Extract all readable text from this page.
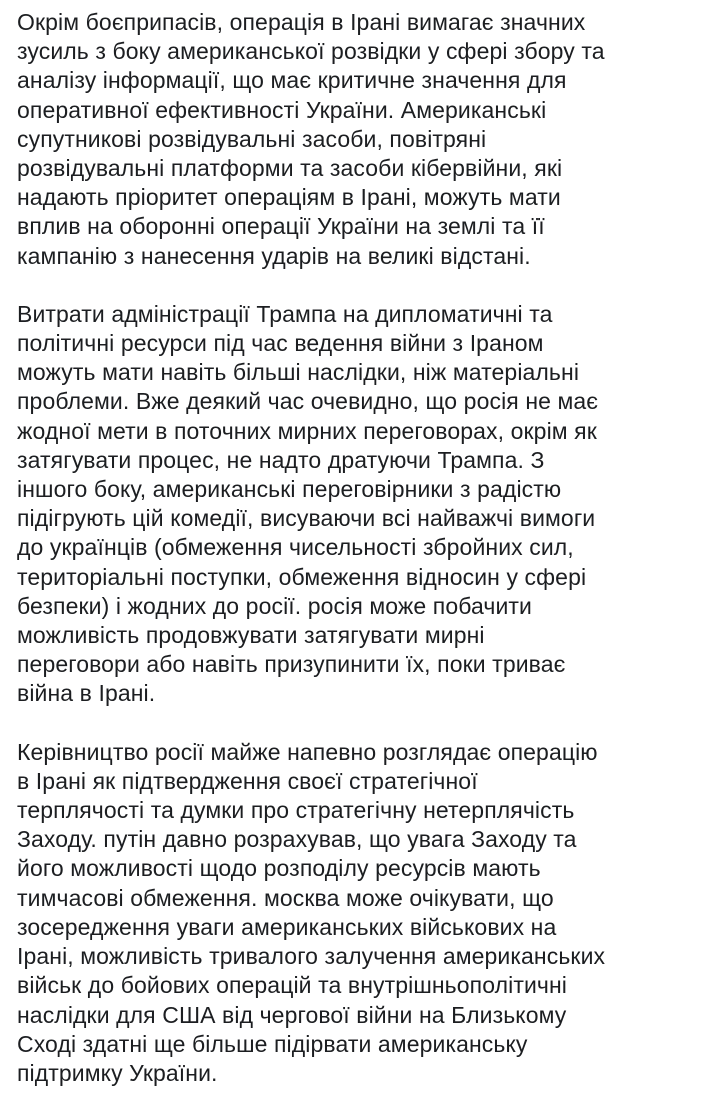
Окрім боєприпасів, операція в Ірані вимагає значних
зусиль з боку американської розвідки у сфері збору та
аналізу інформації, що має критичне значення для
оперативної ефективності України. Американські
супутникові розвідувальні засоби, повітряні
розвідувальні платформи та засоби кібервійни, які
надають пріоритет операціям в Ірані, можуть мати
вплив на оборонні операції України на землі та її
кампанію з нанесення ударів на великі відстані.

Витрати адміністрації Трампа на дипломатичні та
політичні ресурси під час ведення війни з Іраном
можуть мати навіть більші наслідки, ніж матеріальні
проблеми. Вже деякий час очевидно, що росія не має
жодної мети в поточних мирних переговорах, окрім як
затягувати процес, не надто дратуючи Трампа. З
іншого боку, американські переговірники з радістю
підігрують цій комедії, висуваючи всі найважчі вимоги
до українців (обмеження чисельності збройних сил,
територіальні поступки, обмеження відносин у сфері
безпеки) і жодних до росії. росія може побачити
можливість продовжувати затягувати мирні
переговори або навіть призупинити їх, поки триває
війна в Ірані.

Керівництво росії майже напевно розглядає операцію
в Ірані як підтвердження своєї стратегічної
терплячості та думки про стратегічну нетерплячість
Заходу. путін давно розрахував, що увага Заходу та
його можливості щодо розподілу ресурсів мають
тимчасові обмеження. москва може очікувати, що
зосередження уваги американських військових на
Ірані, можливість тривалого залучення американських
військ до бойових операцій та внутрішньополітичні
наслідки для США від чергової війни на Близькому
Сході здатні ще більше підірвати американську
підтримку України.
